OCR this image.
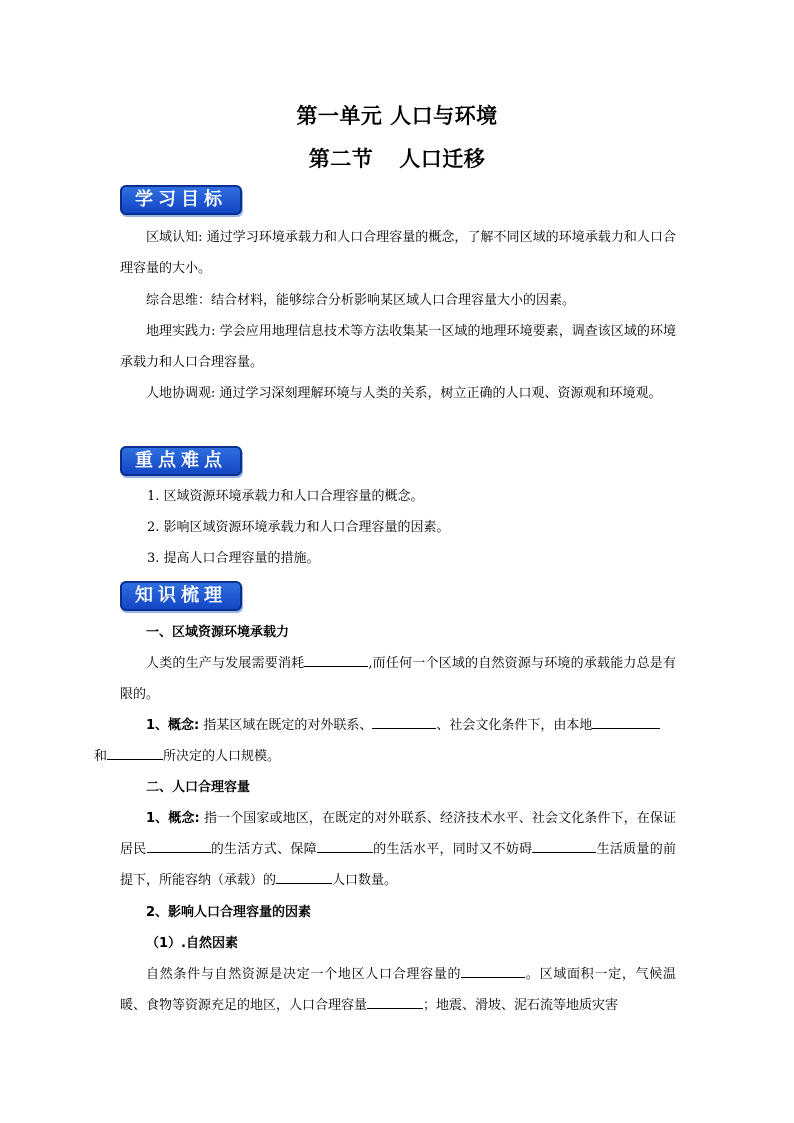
第一单元 人口与环境
第二节 人口迁移
学习目标
区域认知: 通过学习环境承载力和人口合理容量的概念，了解不同区域的环境承载力和人口合理容量的大小。
综合思维：结合材料，能够综合分析影响某区域人口合理容量大小的因素。
地理实践力: 学会应用地理信息技术等方法收集某一区域的地理环境要素，调查该区域的环境承载力和人口合理容量。
人地协调观: 通过学习深刻理解环境与人类的关系，树立正确的人口观、资源观和环境观。
重点难点
1. 区域资源环境承载力和人口合理容量的概念。
2. 影响区域资源环境承载力和人口合理容量的因素。
3. 提高人口合理容量的措施。
知识梳理
一、区域资源环境承载力
人类的生产与发展需要消耗	,而任何一个区域的自然资源与环境的承载能力总是有限的。
1、概念: 指某区域在既定的对外联系、	、社会文化条件下，由本地
和	所决定的人口规模。
二、人口合理容量
1、概念: 指一个国家或地区，在既定的对外联系、经济技术水平、社会文化条件下，在保证居民	的生活方式、保障	的生活水平，同时又不妨碍	生活质量的前提下，所能容纳（承载）的	人口数量。
2、影响人口合理容量的因素
（1）.自然因素
自然条件与自然资源是决定一个地区人口合理容量的	。区域面积一定，气候温暖、食物等资源充足的地区，人口合理容量	；地震、滑坡、泥石流等地质灾害
